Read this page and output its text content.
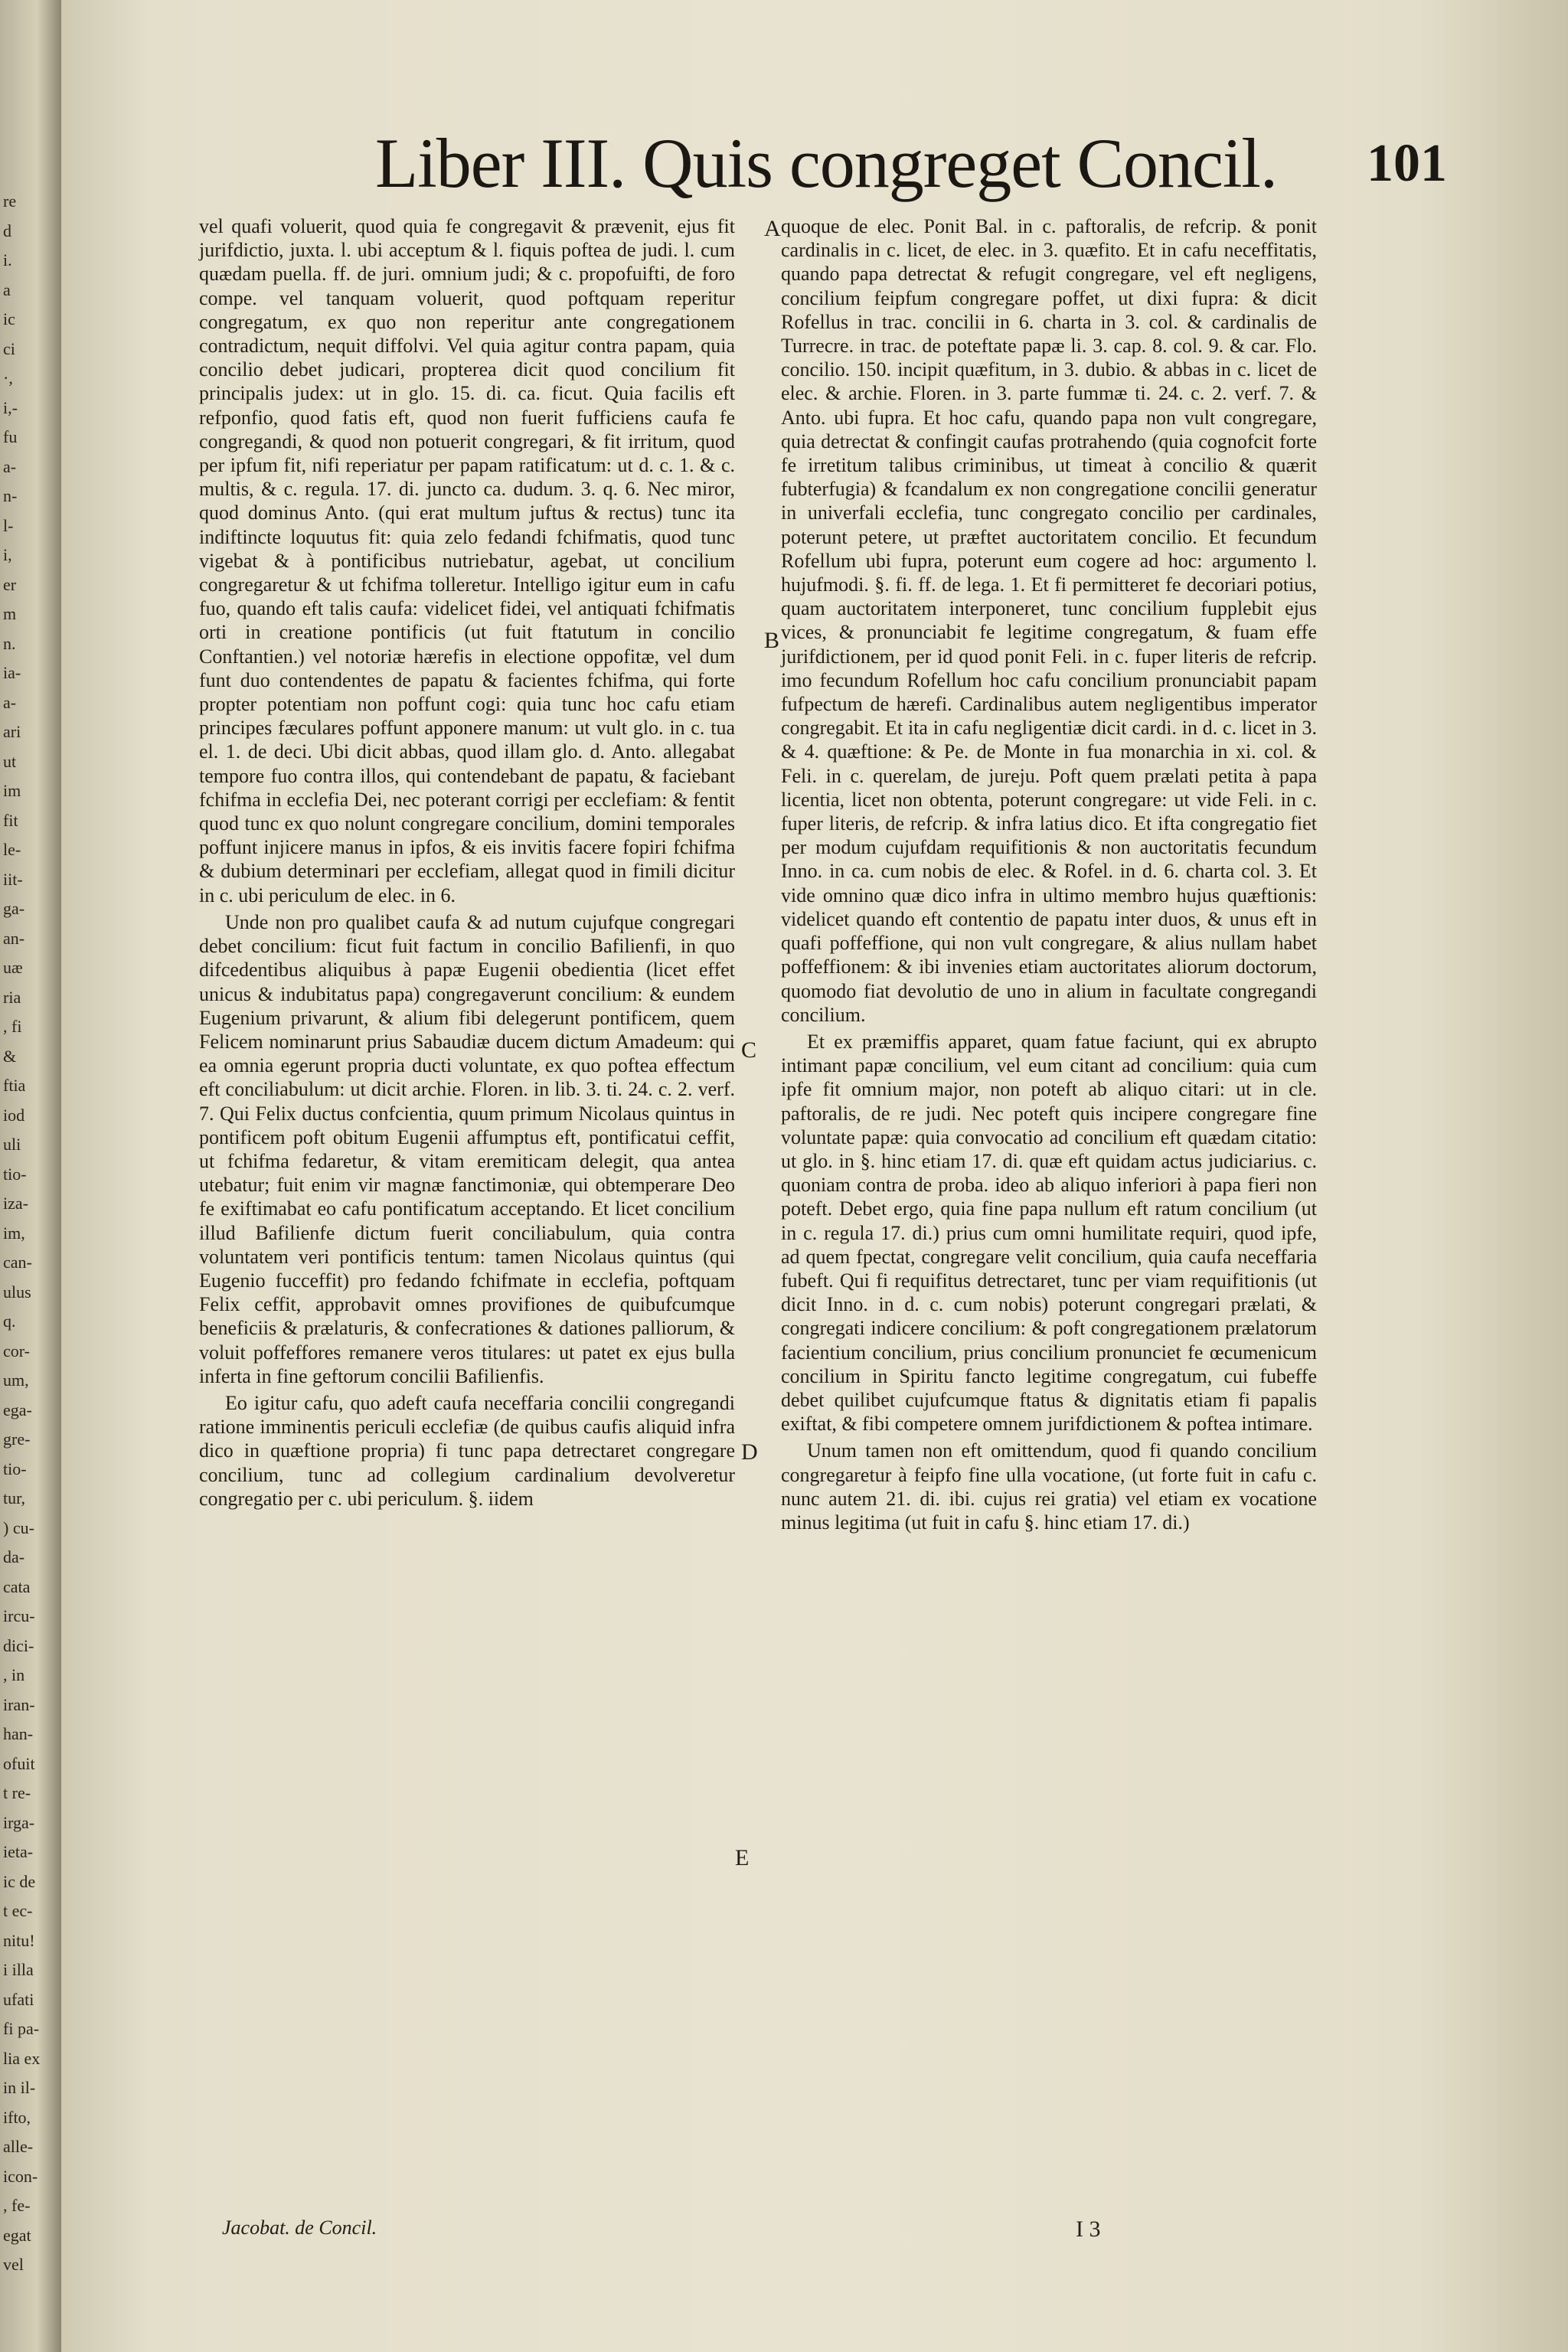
re
d
i.
a
ic
ci
·,
i,-
fu
a-
n-
l-
i,
er
m
n.
ia-
a-
ari
ut
im
fit
le-
iit-
ga-
an-
uæ
ria
, fi
&
ftia
iod
uli
tio-
iza-
im,
can-
ulus
q.
cor-
um,
ega-
gre-
tio-
tur,
) cu-
da-
cata
ircu-
dici-
, in
iran-
han-
ofuit
t re-
irga-
ieta-
ic de
t ec-
nitu!
i illa
ufati
fi pa-
lia ex
in il-
ifto,
alle-
icon-
, fe-
egat
vel
Liber III. Quis congreget Concil. 101

vel quafi voluerit, quod quia fe congregavit & prævenit, ejus fit jurifdictio, juxta. l. ubi acceptum & l. fiquis poftea de judi. l. cum quædam puella. ff. de juri. omnium judi; & c. propofuifti, de foro compe. vel tanquam voluerit, quod poftquam reperitur congregatum, ex quo non reperitur ante congregationem contradictum, nequit diffolvi. Vel quia agitur contra papam, quia concilio debet judicari, propterea dicit quod concilium fit principalis judex: ut in glo. 15. di. ca. ficut. Quia facilis eft refponfio, quod fatis eft, quod non fuerit fufficiens caufa fe congregandi, & quod non potuerit congregari, & fit irritum, quod per ipfum fit, nifi reperiatur per papam ratificatum: ut d. c. 1. & c. multis, & c. regula. 17. di. juncto ca. dudum. 3. q. 6. Nec miror, quod dominus Anto. (qui erat multum juftus & rectus) tunc ita indiftincte loquutus fit: quia zelo fedandi fchifmatis, quod tunc vigebat & à pontificibus nutriebatur, agebat, ut concilium congregaretur & ut fchifma tolleretur. Intelligo igitur eum in cafu fuo, quando eft talis caufa: videlicet fidei, vel antiquati fchifmatis orti in creatione pontificis (ut fuit ftatutum in concilio Conftantien.) vel notoriæ hærefis in electione oppofitæ, vel dum funt duo contendentes de papatu & facientes fchifma, qui forte propter potentiam non poffunt cogi: quia tunc hoc cafu etiam principes fæculares poffunt apponere manum: ut vult glo. in c. tua el. 1. de deci. Ubi dicit abbas, quod illam glo. d. Anto. allegabat tempore fuo contra illos, qui contendebant de papatu, & faciebant fchifma in ecclefia Dei, nec poterant corrigi per ecclefiam: & fentit quod tunc ex quo nolunt congregare concilium, domini temporales poffunt injicere manus in ipfos, & eis invitis facere fopiri fchifma & dubium determinari per ecclefiam, allegat quod in fimili dicitur in c. ubi periculum de elec. in 6.

Unde non pro qualibet caufa & ad nutum cujufque congregari debet concilium: ficut fuit factum in concilio Bafilienfi, in quo difcedentibus aliquibus à papæ Eugenii obedientia (licet effet unicus & indubitatus papa) congregaverunt concilium: & eundem Eugenium privarunt, & alium fibi delegerunt pontificem, quem Felicem nominarunt prius Sabaudiæ ducem dictum Amadeum: qui ea omnia egerunt propria ducti voluntate, ex quo poftea effectum eft conciliabulum: ut dicit archie. Floren. in lib. 3. ti. 24. c. 2. verf. 7. Qui Felix ductus confcientia, quum primum Nicolaus quintus in pontificem poft obitum Eugenii affumptus eft, pontificatui ceffit, ut fchifma fedaretur, & vitam eremiticam delegit, qua antea utebatur; fuit enim vir magnæ fanctimoniæ, qui obtemperare Deo fe exiftimabat eo cafu pontificatum acceptando. Et licet concilium illud Bafilienfe dictum fuerit conciliabulum, quia contra voluntatem veri pontificis tentum: tamen Nicolaus quintus (qui Eugenio fucceffit) pro fedando fchifmate in ecclefia, poftquam Felix ceffit, approbavit omnes provifiones de quibufcumque beneficiis & prælaturis, & confecrationes & dationes palliorum, & voluit poffeffores remanere veros titulares: ut patet ex ejus bulla inferta in fine geftorum concilii Bafilienfis.

Eo igitur cafu, quo adeft caufa neceffaria concilii congregandi ratione imminentis periculi ecclefiæ (de quibus caufis aliquid infra dico in quæftione propria) fi tunc papa detrectaret congregare concilium, tunc ad collegium cardinalium devolveretur congregatio per c. ubi periculum. §. iidem

Jacobat. de Concil.

quoque de elec. Ponit Bal. in c. paftoralis, de refcrip. & ponit cardinalis in c. licet, de elec. in 3. quæfito. Et in cafu neceffitatis, quando papa detrectat & refugit congregare, vel eft negligens, concilium feipfum congregare poffet, ut dixi fupra: & dicit Rofellus in trac. concilii in 6. charta in 3. col. & cardinalis de Turrecre. in trac. de poteftate papæ li. 3. cap. 8. col. 9. & car. Flo. concilio. 150. incipit quæfitum, in 3. dubio. & abbas in c. licet de elec. & archie. Floren. in 3. parte fummæ ti. 24. c. 2. verf. 7. & Anto. ubi fupra. Et hoc cafu, quando papa non vult congregare, quia detrectat & confingit caufas protrahendo (quia cognofcit forte fe irretitum talibus criminibus, ut timeat à concilio & quærit fubterfugia) & fcandalum ex non congregatione concilii generatur in univerfali ecclefia, tunc congregato concilio per cardinales, poterunt petere, ut præftet auctoritatem concilio. Et fecundum Rofellum ubi fupra, poterunt eum cogere ad hoc: argumento l. hujufmodi. §. fi. ff. de lega. 1. Et fi permitteret fe decoriari potius, quam auctoritatem interponeret, tunc concilium fupplebit ejus vices, & pronunciabit fe legitime congregatum, & fuam effe jurifdictionem, per id quod ponit Feli. in c. fuper literis de refcrip. imo fecundum Rofellum hoc cafu concilium pronunciabit papam fufpectum de hærefi. Cardinalibus autem negligentibus imperator congregabit. Et ita in cafu negligentiæ dicit cardi. in d. c. licet in 3. & 4. quæftione: & Pe. de Monte in fua monarchia in xi. col. & Feli. in c. querelam, de jureju. Poft quem prælati petita à papa licentia, licet non obtenta, poterunt congregare: ut vide Feli. in c. fuper literis, de refcrip. & infra latius dico. Et ifta congregatio fiet per modum cujufdam requifitionis & non auctoritatis fecundum Inno. in ca. cum nobis de elec. & Rofel. in d. 6. charta col. 3. Et vide omnino quæ dico infra in ultimo membro hujus quæftionis: videlicet quando eft contentio de papatu inter duos, & unus eft in quafi poffeffione, qui non vult congregare, & alius nullam habet poffeffionem: & ibi invenies etiam auctoritates aliorum doctorum, quomodo fiat devolutio de uno in alium in facultate congregandi concilium.

Et ex præmiffis apparet, quam fatue faciunt, qui ex abrupto intimant papæ concilium, vel eum citant ad concilium: quia cum ipfe fit omnium major, non poteft ab aliquo citari: ut in cle. paftoralis, de re judi. Nec poteft quis incipere congregare fine voluntate papæ: quia convocatio ad concilium eft quædam citatio: ut glo. in §. hinc etiam 17. di. quæ eft quidam actus judiciarius. c. quoniam contra de proba. ideo ab aliquo inferiori à papa fieri non poteft. Debet ergo, quia fine papa nullum eft ratum concilium (ut in c. regula 17. di.) prius cum omni humilitate requiri, quod ipfe, ad quem fpectat, congregare velit concilium, quia caufa neceffaria fubeft. Qui fi requifitus detrectaret, tunc per viam requifitionis (ut dicit Inno. in d. c. cum nobis) poterunt congregari prælati, & congregati indicere concilium: & poft congregationem prælatorum facientium concilium, prius concilium pronunciet fe œcumenicum concilium in Spiritu fancto legitime congregatum, cui fubeffe debet quilibet cujufcumque ftatus & dignitatis etiam fi papalis exiftat, & fibi competere omnem jurifdictionem & poftea intimare.

Unum tamen non eft omittendum, quod fi quando concilium congregaretur à feipfo fine ulla vocatione, (ut forte fuit in cafu c. nunc autem 21. di. ibi. cujus rei gratia) vel etiam ex vocatione minus legitima (ut fuit in cafu §. hinc etiam 17. di.)

A
B
C
D
E
I 3
